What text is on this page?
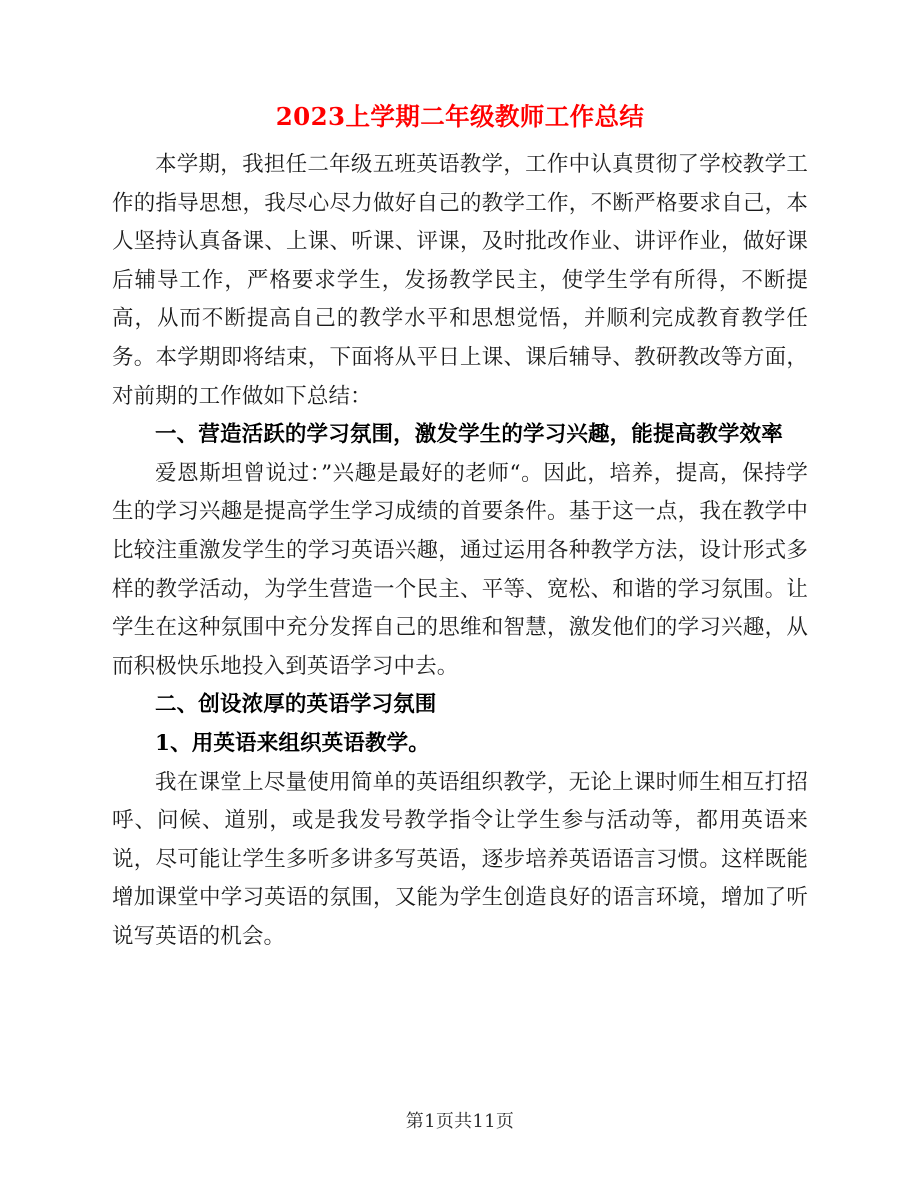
2023上学期二年级教师工作总结

本学期，我担任二年级五班英语教学，工作中认真贯彻了学校教学工作的指导思想，我尽心尽力做好自己的教学工作，不断严格要求自己，本人坚持认真备课、上课、听课、评课，及时批改作业、讲评作业，做好课后辅导工作，严格要求学生，发扬教学民主，使学生学有所得，不断提高，从而不断提高自己的教学水平和思想觉悟，并顺利完成教育教学任务。本学期即将结束，下面将从平日上课、课后辅导、教研教改等方面，对前期的工作做如下总结：

一、营造活跃的学习氛围，激发学生的学习兴趣，能提高教学效率

爱恩斯坦曾说过：”兴趣是最好的老师“。因此，培养，提高，保持学生的学习兴趣是提高学生学习成绩的首要条件。基于这一点，我在教学中比较注重激发学生的学习英语兴趣，通过运用各种教学方法，设计形式多样的教学活动，为学生营造一个民主、平等、宽松、和谐的学习氛围。让学生在这种氛围中充分发挥自己的思维和智慧，激发他们的学习兴趣，从而积极快乐地投入到英语学习中去。

二、创设浓厚的英语学习氛围

1、用英语来组织英语教学。

我在课堂上尽量使用简单的英语组织教学，无论上课时师生相互打招呼、问候、道别，或是我发号教学指令让学生参与活动等，都用英语来说，尽可能让学生多听多讲多写英语，逐步培养英语语言习惯。这样既能增加课堂中学习英语的氛围，又能为学生创造良好的语言环境，增加了听说写英语的机会。

第1页共11页
